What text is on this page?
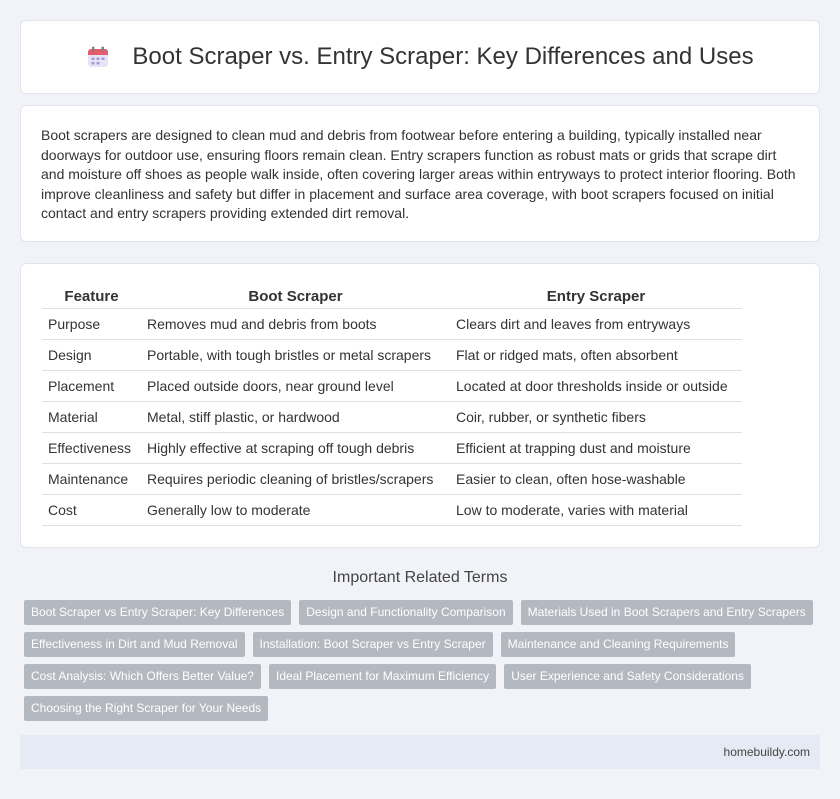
Boot Scraper vs. Entry Scraper: Key Differences and Uses

Boot scrapers are designed to clean mud and debris from footwear before entering a building, typically installed near doorways for outdoor use, ensuring floors remain clean. Entry scrapers function as robust mats or grids that scrape dirt and moisture off shoes as people walk inside, often covering larger areas within entryways to protect interior flooring. Both improve cleanliness and safety but differ in placement and surface area coverage, with boot scrapers focused on initial contact and entry scrapers providing extended dirt removal.

Feature	Boot Scraper	Entry Scraper
Purpose	Removes mud and debris from boots	Clears dirt and leaves from entryways
Design	Portable, with tough bristles or metal scrapers	Flat or ridged mats, often absorbent
Placement	Placed outside doors, near ground level	Located at door thresholds inside or outside
Material	Metal, stiff plastic, or hardwood	Coir, rubber, or synthetic fibers
Effectiveness	Highly effective at scraping off tough debris	Efficient at trapping dust and moisture
Maintenance	Requires periodic cleaning of bristles/scrapers	Easier to clean, often hose-washable
Cost	Generally low to moderate	Low to moderate, varies with material
Important Related Terms
Boot Scraper vs Entry Scraper: Key Differences	Design and Functionality Comparison	Materials Used in Boot Scrapers and Entry Scrapers
Effectiveness in Dirt and Mud Removal	Installation: Boot Scraper vs Entry Scraper	Maintenance and Cleaning Requirements
Cost Analysis: Which Offers Better Value?	Ideal Placement for Maximum Efficiency	User Experience and Safety Considerations
Choosing the Right Scraper for Your Needs
homebuildy.com
